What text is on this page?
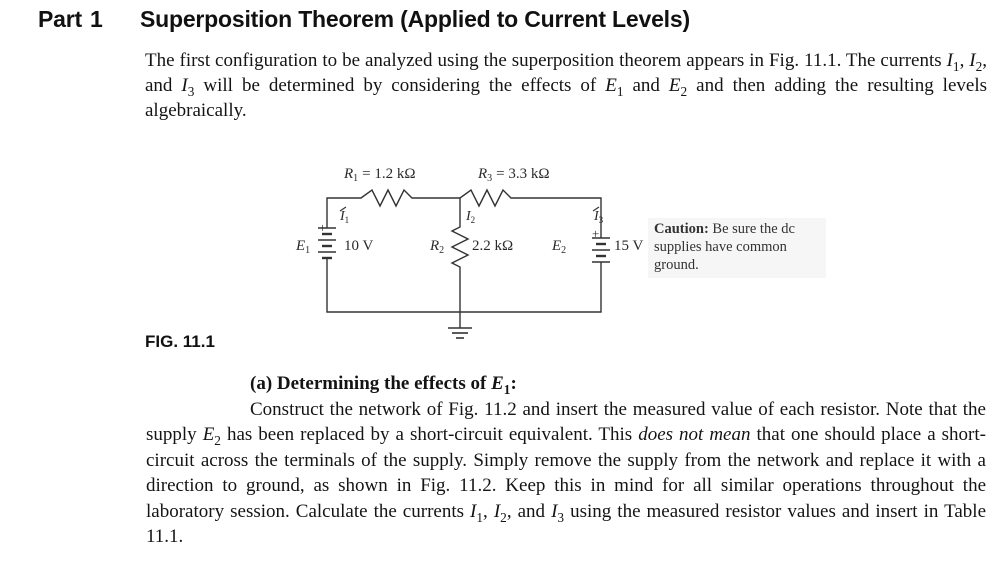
Part 1 Superposition Theorem (Applied to Current Levels)

The first configuration to be analyzed using the superposition theorem appears in Fig. 11.1. The currents $I_1$, $I_2$, and $I_3$ will be determined by considering the effects of $E_1$ and $E_2$ and then adding the resulting levels algebraically.

$R_1 = 1.2$ kΩ	$R_3 = 3.3$ kΩ
$I_1$	$I_2$	$I_3$
+	+
$E_1$ 10 V	$R_2$ 2.2 kΩ	$E_2$	15 V
Caution: Be sure the dc supplies have common ground.
FIG. 11.1
(a) Determining the effects of $E_1$:

Construct the network of Fig. 11.2 and insert the measured value of each resistor. Note that the supply $E_2$ has been replaced by a short-circuit equivalent. This does not mean that one should place a short-circuit across the terminals of the supply. Simply remove the supply from the network and replace it with a direction to ground, as shown in Fig. 11.2. Keep this in mind for all similar operations throughout the laboratory session. Calculate the currents $I_1$, $I_2$, and $I_3$ using the measured resistor values and insert in Table 11.1.
